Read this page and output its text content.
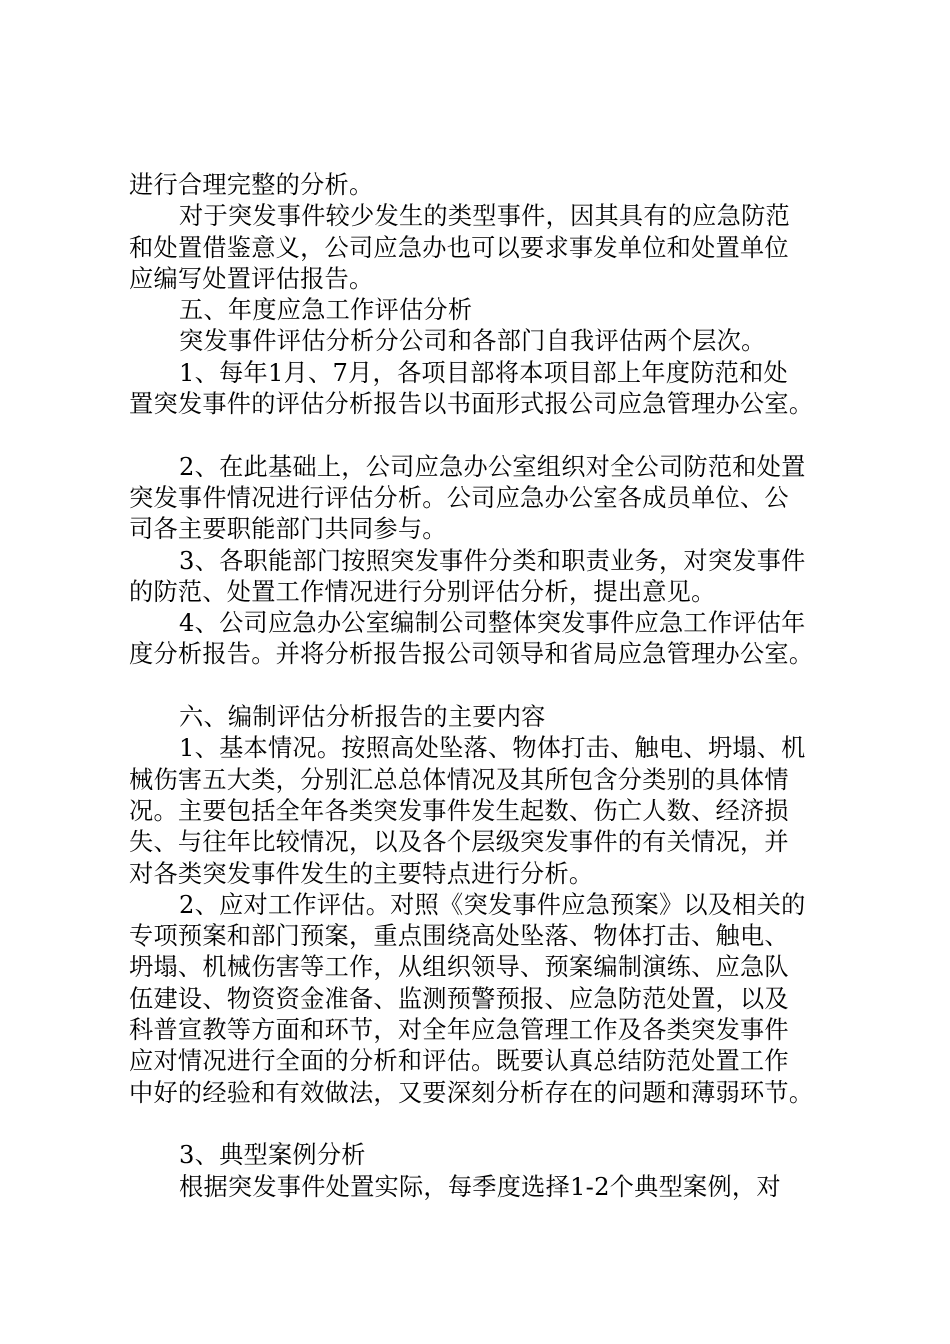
进行合理完整的分析。
对于突发事件较少发生的类型事件，因其具有的应急防范
和处置借鉴意义，公司应急办也可以要求事发单位和处置单位
应编写处置评估报告。
五、年度应急工作评估分析
突发事件评估分析分公司和各部门自我评估两个层次。
1、每年1月、7月，各项目部将本项目部上年度防范和处
置突发事件的评估分析报告以书面形式报公司应急管理办公室。
2、在此基础上，公司应急办公室组织对全公司防范和处置
突发事件情况进行评估分析。公司应急办公室各成员单位、公
司各主要职能部门共同参与。
3、各职能部门按照突发事件分类和职责业务，对突发事件
的防范、处置工作情况进行分别评估分析，提出意见。
4、公司应急办公室编制公司整体突发事件应急工作评估年
度分析报告。并将分析报告报公司领导和省局应急管理办公室。
六、编制评估分析报告的主要内容
1、基本情况。按照高处坠落、物体打击、触电、坍塌、机
械伤害五大类，分别汇总总体情况及其所包含分类别的具体情
况。主要包括全年各类突发事件发生起数、伤亡人数、经济损
失、与往年比较情况，以及各个层级突发事件的有关情况，并
对各类突发事件发生的主要特点进行分析。
2、应对工作评估。对照《突发事件应急预案》以及相关的
专项预案和部门预案，重点围绕高处坠落、物体打击、触电、
坍塌、机械伤害等工作，从组织领导、预案编制演练、应急队
伍建设、物资资金准备、监测预警预报、应急防范处置，以及
科普宣教等方面和环节，对全年应急管理工作及各类突发事件
应对情况进行全面的分析和评估。既要认真总结防范处置工作
中好的经验和有效做法，又要深刻分析存在的问题和薄弱环节。
3、典型案例分析
根据突发事件处置实际，每季度选择1-2个典型案例，对
